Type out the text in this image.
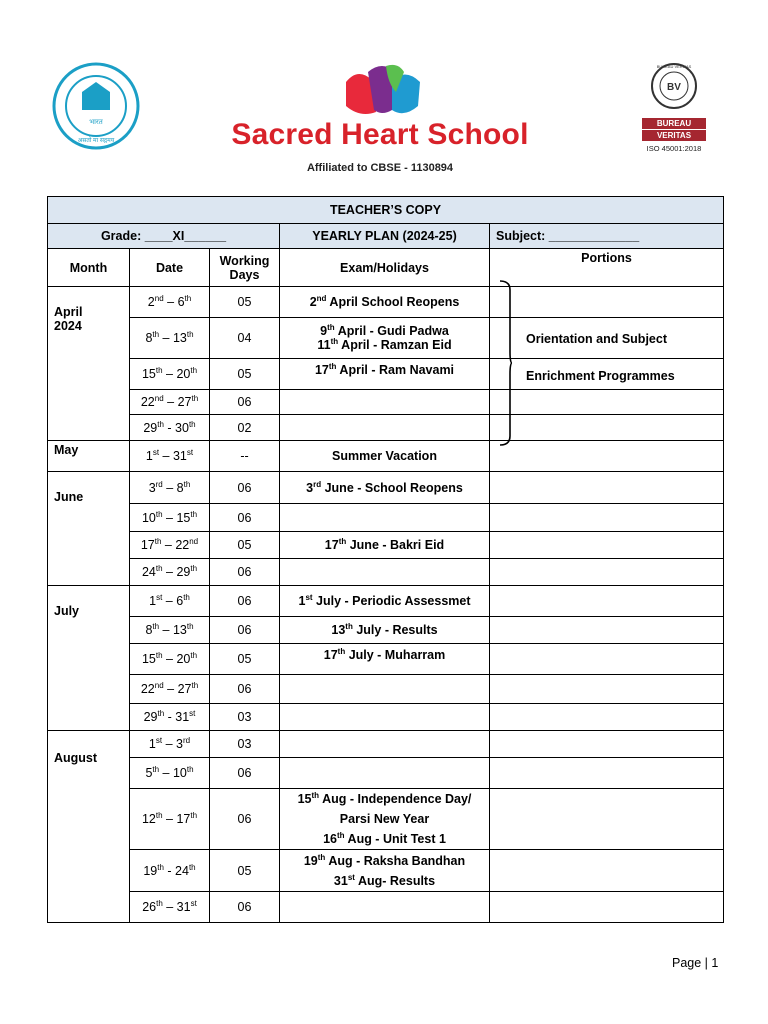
भारत
असतो मा सद्गमय	Sacred Heart School
Affiliated to CBSE - 1130894
BV
BUREAU VERITAS
BUREAU
VERITAS
ISO 45001:2018
TEACHER’S COPY				
Grade: ____XI______			YEARLY PLAN (2024-25)	Subject: _____________
Month	Date	Working Days	Exam/Holidays	Portions

April 2024	2nd – 6th	05	2nd April School Reopens	
	8th – 13th	04	9th April - Gudi Padwa
11th April - Ramzan Eid	

	15th – 20th	05	17th April - Ram Navami	
	22nd – 27th	06		
	29th - 30th	02		
May	1st – 31st	--	Summer Vacation	

June	3rd – 8th	06	3rd June - School Reopens	
	10th – 15th	06		
	17th – 22nd	05	17th June - Bakri Eid	
	24th – 29th	06		

July	1st – 6th	06	1st July - Periodic Assessmet	
	8th – 13th	06	13th July - Results	
	15th – 20th	05	17th July - Muharram	
	22nd – 27th	06		
	29th - 31st	03		

August	1st – 3rd	03		
	5th – 10th	06		
	12th – 17th	06	15th Aug - Independence Day/
Parsi New Year
16th Aug - Unit Test 1	

	19th - 24th	05	19th Aug - Raksha Bandhan
31st Aug- Results	

	26th – 31st	06		
Orientation and Subject
Enrichment Programmes
Page | 1
